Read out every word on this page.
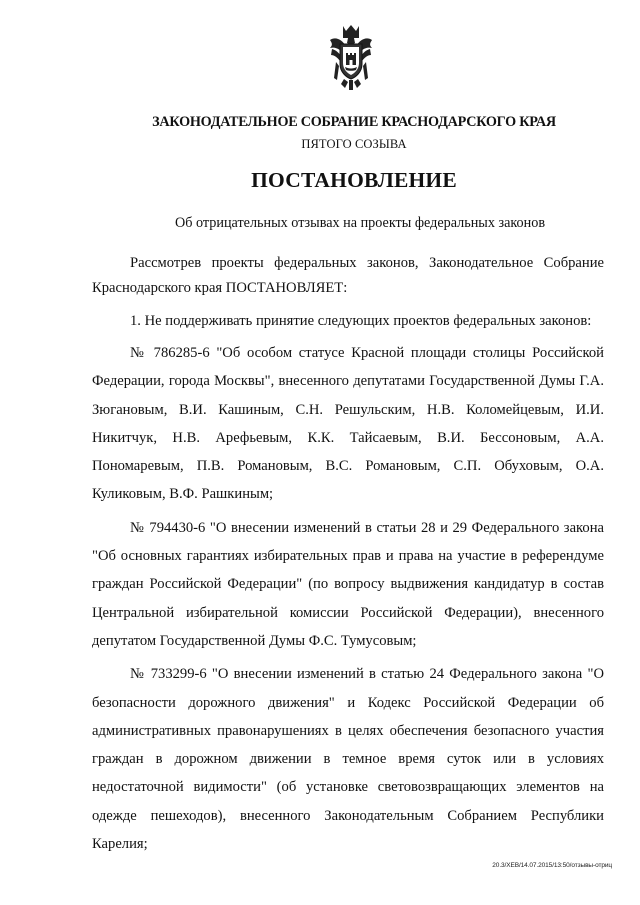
ЗАКОНОДАТЕЛЬНОЕ СОБРАНИЕ КРАСНОДАРСКОГО КРАЯ
ПЯТОГО СОЗЫВА
ПОСТАНОВЛЕНИЕ
Об отрицательных отзывах на проекты федеральных законов

Рассмотрев проекты федеральных законов, Законодательное Собрание Краснодарского края ПОСТАНОВЛЯЕТ:

1. Не поддерживать принятие следующих проектов федеральных законов:

№ 786285-6 "Об особом статусе Красной площади столицы Российской Федерации, города Москвы", внесенного депутатами Государственной Думы Г.А. Зюгановым, В.И. Кашиным, С.Н. Решульским, Н.В. Коломейцевым, И.И. Никитчук, Н.В. Арефьевым, К.К. Тайсаевым, В.И. Бессоновым, А.А. Пономаревым, П.В. Романовым, В.С. Романовым, С.П. Обуховым, О.А. Куликовым, В.Ф. Рашкиным;

№ 794430-6 "О внесении изменений в статьи 28 и 29 Федерального закона "Об основных гарантиях избирательных прав и права на участие в референдуме граждан Российской Федерации" (по вопросу выдвижения кандидатур в состав Центральной избирательной комиссии Российской Федерации), внесенного депутатом Государственной Думы Ф.С. Тумусовым;

№ 733299-6 "О внесении изменений в статью 24 Федерального закона "О безопасности дорожного движения" и Кодекс Российской Федерации об административных правонарушениях в целях обеспечения безопасного участия граждан в дорожном движении в темное время суток или в условиях недостаточной видимости" (об установке световозвращающих элементов на одежде пешеходов), внесенного Законодательным Собранием Республики Карелия;

20.3/ХЕВ/14.07.2015/13:50/отзывы-отриц
